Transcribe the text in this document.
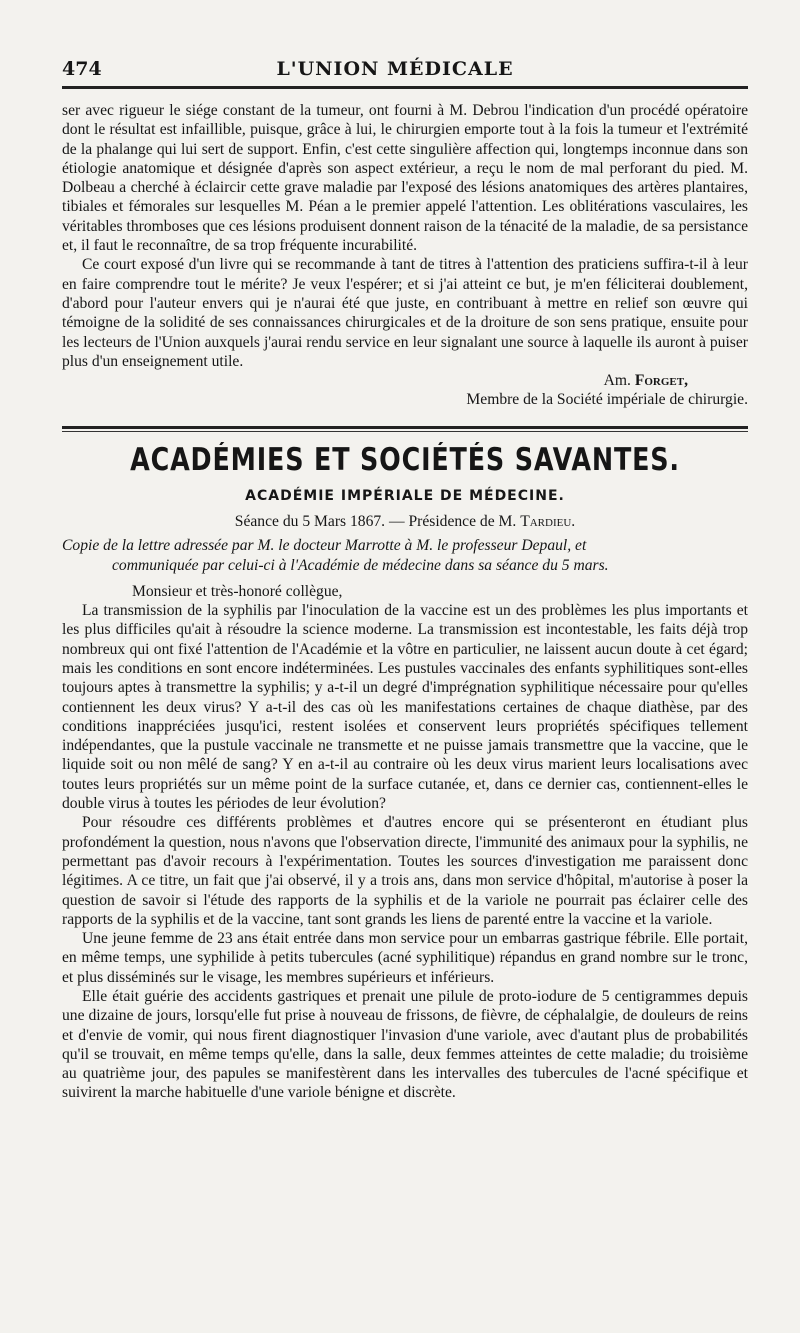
474	L'UNION MÉDICALE

ser avec rigueur le siége constant de la tumeur, ont fourni à M. Debrou l'indication d'un procédé opératoire dont le résultat est infaillible, puisque, grâce à lui, le chirurgien emporte tout à la fois la tumeur et l'extrémité de la phalange qui lui sert de support. Enfin, c'est cette singulière affection qui, longtemps inconnue dans son étiologie anatomique et désignée d'après son aspect extérieur, a reçu le nom de mal perforant du pied. M. Dolbeau a cherché à éclaircir cette grave maladie par l'exposé des lésions anatomiques des artères plantaires, tibiales et fémorales sur lesquelles M. Péan a le premier appelé l'attention. Les oblitérations vasculaires, les véritables thromboses que ces lésions produisent donnent raison de la ténacité de la maladie, de sa persistance et, il faut le reconnaître, de sa trop fréquente incurabilité.

Ce court exposé d'un livre qui se recommande à tant de titres à l'attention des praticiens suffira-t-il à leur en faire comprendre tout le mérite? Je veux l'espérer; et si j'ai atteint ce but, je m'en féliciterai doublement, d'abord pour l'auteur envers qui je n'aurai été que juste, en contribuant à mettre en relief son œuvre qui témoigne de la solidité de ses connaissances chirurgicales et de la droiture de son sens pratique, ensuite pour les lecteurs de l'Union auxquels j'aurai rendu service en leur signalant une source à laquelle ils auront à puiser plus d'un enseignement utile.

Am. Forget,
Membre de la Société impériale de chirurgie.
ACADÉMIES ET SOCIÉTÉS SAVANTES.
ACADÉMIE IMPÉRIALE DE MÉDECINE.
Séance du 5 Mars 1867. — Présidence de M. Tardieu.
Copie de la lettre adressée par M. le docteur Marrotte à M. le professeur Depaul, et
communiquée par celui-ci à l'Académie de médecine dans sa séance du 5 mars.
Monsieur et très-honoré collègue,

La transmission de la syphilis par l'inoculation de la vaccine est un des problèmes les plus importants et les plus difficiles qu'ait à résoudre la science moderne. La transmission est incontestable, les faits déjà trop nombreux qui ont fixé l'attention de l'Académie et la vôtre en particulier, ne laissent aucun doute à cet égard; mais les conditions en sont encore indéterminées. Les pustules vaccinales des enfants syphilitiques sont-elles toujours aptes à transmettre la syphilis; y a-t-il un degré d'imprégnation syphilitique nécessaire pour qu'elles contiennent les deux virus? Y a-t-il des cas où les manifestations certaines de chaque diathèse, par des conditions inappréciées jusqu'ici, restent isolées et conservent leurs propriétés spécifiques tellement indépendantes, que la pustule vaccinale ne transmette et ne puisse jamais transmettre que la vaccine, que le liquide soit ou non mêlé de sang? Y en a-t-il au contraire où les deux virus marient leurs localisations avec toutes leurs propriétés sur un même point de la surface cutanée, et, dans ce dernier cas, contiennent-elles le double virus à toutes les périodes de leur évolution?

Pour résoudre ces différents problèmes et d'autres encore qui se présenteront en étudiant plus profondément la question, nous n'avons que l'observation directe, l'immunité des animaux pour la syphilis, ne permettant pas d'avoir recours à l'expérimentation. Toutes les sources d'investigation me paraissent donc légitimes. A ce titre, un fait que j'ai observé, il y a trois ans, dans mon service d'hôpital, m'autorise à poser la question de savoir si l'étude des rapports de la syphilis et de la variole ne pourrait pas éclairer celle des rapports de la syphilis et de la vaccine, tant sont grands les liens de parenté entre la vaccine et la variole.

Une jeune femme de 23 ans était entrée dans mon service pour un embarras gastrique fébrile. Elle portait, en même temps, une syphilide à petits tubercules (acné syphilitique) répandus en grand nombre sur le tronc, et plus disséminés sur le visage, les membres supérieurs et inférieurs.

Elle était guérie des accidents gastriques et prenait une pilule de proto-iodure de 5 centigrammes depuis une dizaine de jours, lorsqu'elle fut prise à nouveau de frissons, de fièvre, de céphalalgie, de douleurs de reins et d'envie de vomir, qui nous firent diagnostiquer l'invasion d'une variole, avec d'autant plus de probabilités qu'il se trouvait, en même temps qu'elle, dans la salle, deux femmes atteintes de cette maladie; du troisième au quatrième jour, des papules se manifestèrent dans les intervalles des tubercules de l'acné spécifique et suivirent la marche habituelle d'une variole bénigne et discrète.
